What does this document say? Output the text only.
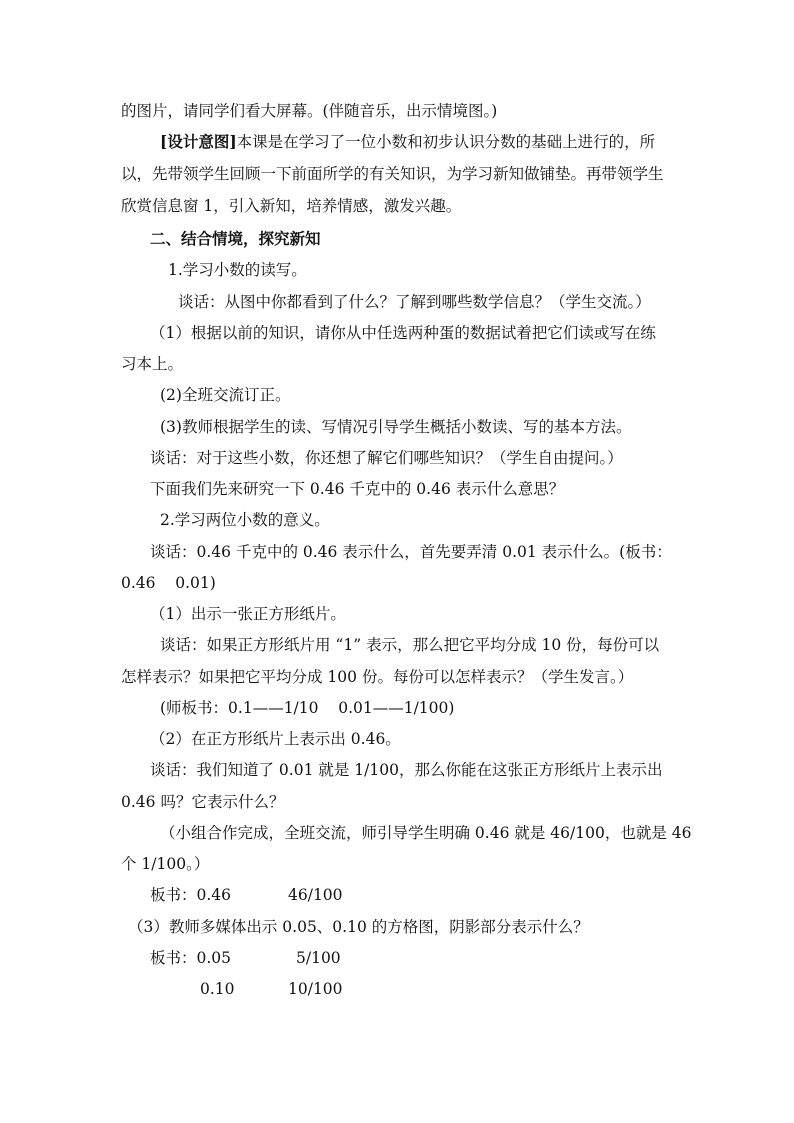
的图片，请同学们看大屏幕。(伴随音乐，出示情境图。)
[设计意图]本课是在学习了一位小数和初步认识分数的基础上进行的，所
以，先带领学生回顾一下前面所学的有关知识，为学习新知做铺垫。再带领学生
欣赏信息窗 1，引入新知，培养情感，激发兴趣。
二、结合情境，探究新知
1.学习小数的读写。
谈话：从图中你都看到了什么？了解到哪些数学信息？（学生交流。）
（1）根据以前的知识，请你从中任选两种蛋的数据试着把它们读或写在练
习本上。
(2)全班交流订正。
(3)教师根据学生的读、写情况引导学生概括小数读、写的基本方法。
谈话：对于这些小数，你还想了解它们哪些知识？（学生自由提问。）
下面我们先来研究一下 0.46 千克中的 0.46 表示什么意思？
2.学习两位小数的意义。
谈话：0.46 千克中的 0.46 表示什么，首先要弄清 0.01 表示什么。(板书：
0.46    0.01)
（1）出示一张正方形纸片。
谈话：如果正方形纸片用 “1” 表示，那么把它平均分成 10 份，每份可以
怎样表示？如果把它平均分成 100 份。每份可以怎样表示？（学生发言。）
(师板书：0.1——1/10    0.01——1/100)
（2）在正方形纸片上表示出 0.46。
谈话：我们知道了 0.01 就是 1/100，那么你能在这张正方形纸片上表示出
0.46 吗？它表示什么？
（小组合作完成，全班交流，师引导学生明确 0.46 就是 46/100，也就是 46
个 1/100。）
板书：0.46	46/100
（3）教师多媒体出示 0.05、0.10 的方格图，阴影部分表示什么？
板书：0.05	5/100
0.10	10/100
